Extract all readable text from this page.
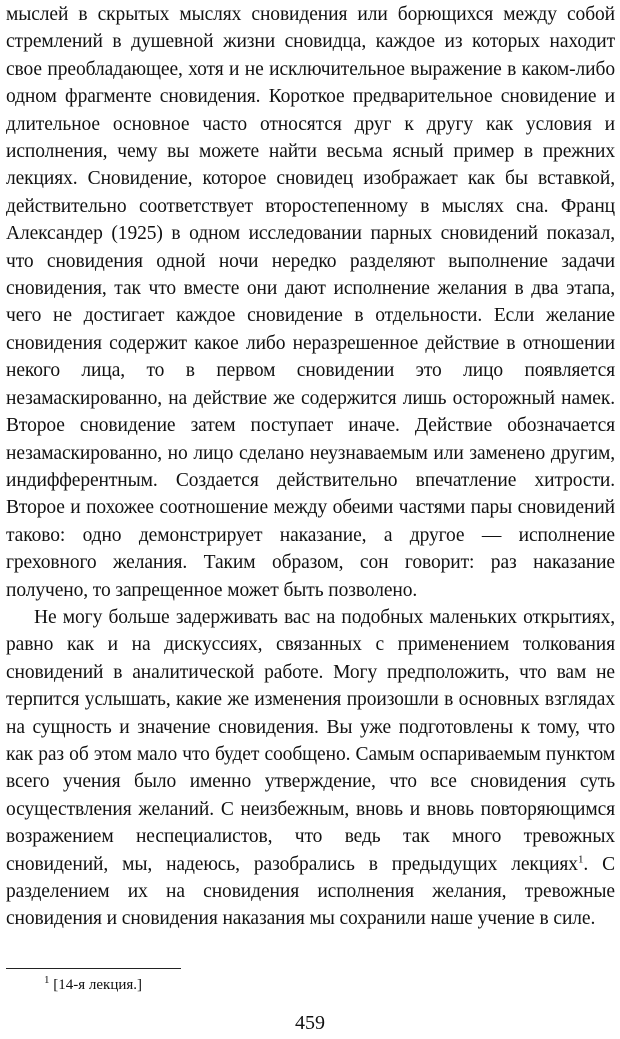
мыслей в скрытых мыслях сновидения или борющихся между собой стремлений в душевной жизни сновидца, каждое из которых находит свое преобладающее, хотя и не исключительное выражение в каком-либо одном фрагменте сновидения. Короткое предварительное сновидение и длительное основное часто относятся друг к другу как условия и исполнения, чему вы можете найти весьма ясный пример в прежних лекциях. Сновидение, которое сновидец изображает как бы вставкой, действительно соответствует второстепенному в мыслях сна. Франц Александер (1925) в одном исследовании парных сновидений показал, что сновидения одной ночи нередко разделяют выполнение задачи сновидения, так что вместе они дают исполнение желания в два этапа, чего не достигает каждое сновидение в отдельности. Если желание сновидения содержит какое либо неразрешенное действие в отношении некого лица, то в первом сновидении это лицо появляется незамаскированно, на действие же содержится лишь осторожный намек. Второе сновидение затем поступает иначе. Действие обозначается незамаскированно, но лицо сделано неузнаваемым или заменено другим, индифферентным. Создается действительно впечатление хитрости. Второе и похожее соотношение между обеими частями пары сновидений таково: одно демонстрирует наказание, а другое — исполнение греховного желания. Таким образом, сон говорит: раз наказание получено, то запрещенное может быть позволено.

Не могу больше задерживать вас на подобных маленьких открытиях, равно как и на дискуссиях, связанных с применением толкования сновидений в аналитической работе. Могу предположить, что вам не терпится услышать, какие же изменения произошли в основных взглядах на сущность и значение сновидения. Вы уже подготовлены к тому, что как раз об этом мало что будет сообщено. Самым оспариваемым пунктом всего учения было именно утверждение, что все сновидения суть осуществления желаний. С неизбежным, вновь и вновь повторяющимся возражением неспециалистов, что ведь так много тревожных сновидений, мы, надеюсь, разобрались в предыдущих лекциях$^1$. С разделением их на сновидения исполнения желания, тревожные сновидения и сновидения наказания мы сохранили наше учение в силе.

$^1$ [14-я лекция.]

459
